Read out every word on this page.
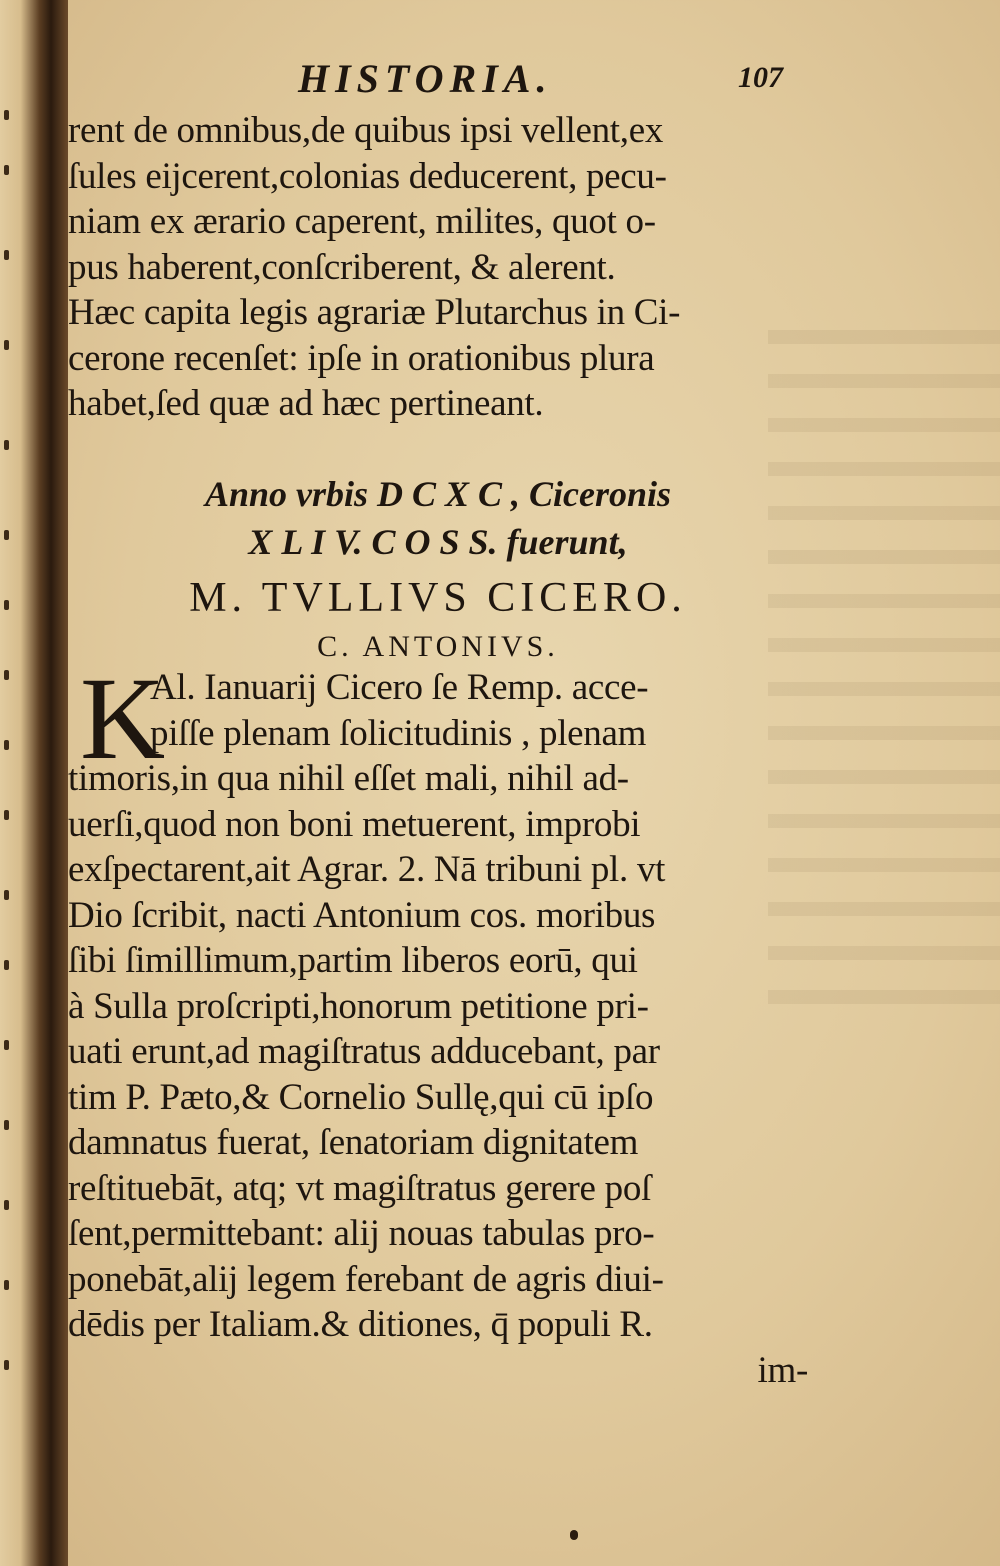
HISTORIA.	107
rent de omnibus,de quibus ipsi vellent,ex
ſules eijcerent,colonias deducerent, pecu-
niam ex ærario caperent, milites, quot o-
pus haberent,conſcriberent, & alerent.
Hæc capita legis agrariæ Plutarchus in Ci-
cerone recenſet: ipſe in orationibus plura
habet,ſed quæ ad hæc pertineant.
Anno vrbis D C X C , Ciceronis
X L I V. C O S S. fuerunt,
M. TVLLIVS CICERO.
C. ANTONIVS.
K
Al. Ianuarij Cicero ſe Remp. acce-
piſſe plenam ſolicitudinis , plenam
timoris,in qua nihil eſſet mali, nihil ad-
uerſi,quod non boni metuerent, improbi
exſpectarent,ait Agrar. 2. Nā tribuni pl. vt
Dio ſcribit, nacti Antonium cos. moribus
ſibi ſimillimum,partim liberos eorū, qui
à Sulla proſcripti,honorum petitione pri-
uati erunt,ad magiſtratus adducebant, par
tim P. Pæto,& Cornelio Sullę,qui cū ipſo
damnatus fuerat, ſenatoriam dignitatem
reſtituebāt, atq; vt magiſtratus gerere poſ
ſent,permittebant: alij nouas tabulas pro-
ponebāt,alij legem ferebant de agris diui-
dēdis per Italiam.& ditiones, q̄ populi R.
im-
